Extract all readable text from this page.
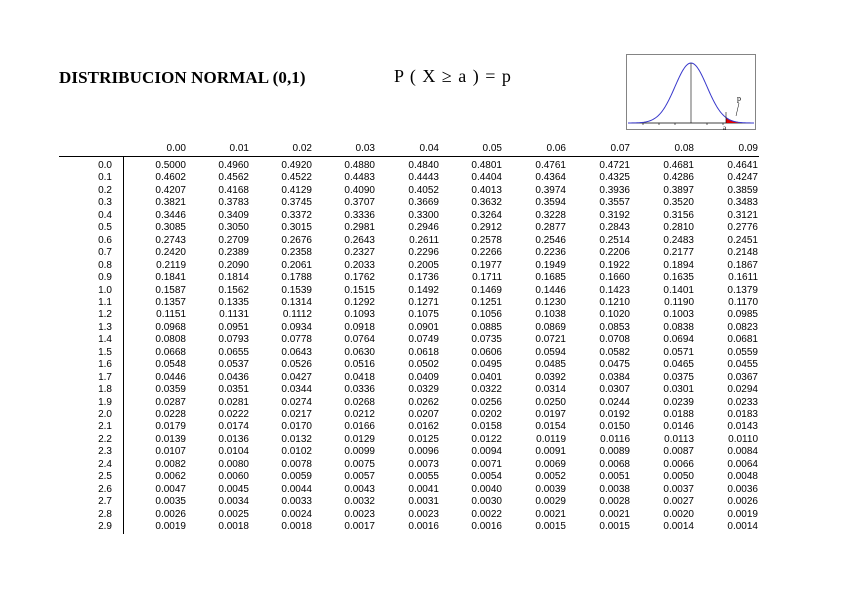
DISTRIBUCION NORMAL (0,1)	P ( X ≥ a ) = p
p
a
0.00	0.01	0.02	0.03	0.04	0.05	0.06	0.07	0.08	0.09
0.0	0.5000	0.4960	0.4920	0.4880	0.4840	0.4801	0.4761	0.4721	0.4681	0.4641
0.1	0.4602	0.4562	0.4522	0.4483	0.4443	0.4404	0.4364	0.4325	0.4286	0.4247
0.2	0.4207	0.4168	0.4129	0.4090	0.4052	0.4013	0.3974	0.3936	0.3897	0.3859
0.3	0.3821	0.3783	0.3745	0.3707	0.3669	0.3632	0.3594	0.3557	0.3520	0.3483
0.4	0.3446	0.3409	0.3372	0.3336	0.3300	0.3264	0.3228	0.3192	0.3156	0.3121
0.5	0.3085	0.3050	0.3015	0.2981	0.2946	0.2912	0.2877	0.2843	0.2810	0.2776
0.6	0.2743	0.2709	0.2676	0.2643	0.2611	0.2578	0.2546	0.2514	0.2483	0.2451
0.7	0.2420	0.2389	0.2358	0.2327	0.2296	0.2266	0.2236	0.2206	0.2177	0.2148
0.8	0.2119	0.2090	0.2061	0.2033	0.2005	0.1977	0.1949	0.1922	0.1894	0.1867
0.9	0.1841	0.1814	0.1788	0.1762	0.1736	0.1711	0.1685	0.1660	0.1635	0.1611
1.0	0.1587	0.1562	0.1539	0.1515	0.1492	0.1469	0.1446	0.1423	0.1401	0.1379
1.1	0.1357	0.1335	0.1314	0.1292	0.1271	0.1251	0.1230	0.1210	0.1190	0.1170
1.2	0.1151	0.1131	0.1112	0.1093	0.1075	0.1056	0.1038	0.1020	0.1003	0.0985
1.3	0.0968	0.0951	0.0934	0.0918	0.0901	0.0885	0.0869	0.0853	0.0838	0.0823
1.4	0.0808	0.0793	0.0778	0.0764	0.0749	0.0735	0.0721	0.0708	0.0694	0.0681
1.5	0.0668	0.0655	0.0643	0.0630	0.0618	0.0606	0.0594	0.0582	0.0571	0.0559
1.6	0.0548	0.0537	0.0526	0.0516	0.0502	0.0495	0.0485	0.0475	0.0465	0.0455
1.7	0.0446	0.0436	0.0427	0.0418	0.0409	0.0401	0.0392	0.0384	0.0375	0.0367
1.8	0.0359	0.0351	0.0344	0.0336	0.0329	0.0322	0.0314	0.0307	0.0301	0.0294
1.9	0.0287	0.0281	0.0274	0.0268	0.0262	0.0256	0.0250	0.0244	0.0239	0.0233
2.0	0.0228	0.0222	0.0217	0.0212	0.0207	0.0202	0.0197	0.0192	0.0188	0.0183
2.1	0.0179	0.0174	0.0170	0.0166	0.0162	0.0158	0.0154	0.0150	0.0146	0.0143
2.2	0.0139	0.0136	0.0132	0.0129	0.0125	0.0122	0.0119	0.0116	0.0113	0.0110
2.3	0.0107	0.0104	0.0102	0.0099	0.0096	0.0094	0.0091	0.0089	0.0087	0.0084
2.4	0.0082	0.0080	0.0078	0.0075	0.0073	0.0071	0.0069	0.0068	0.0066	0.0064
2.5	0.0062	0.0060	0.0059	0.0057	0.0055	0.0054	0.0052	0.0051	0.0050	0.0048
2.6	0.0047	0.0045	0.0044	0.0043	0.0041	0.0040	0.0039	0.0038	0.0037	0.0036
2.7	0.0035	0.0034	0.0033	0.0032	0.0031	0.0030	0.0029	0.0028	0.0027	0.0026
2.8	0.0026	0.0025	0.0024	0.0023	0.0023	0.0022	0.0021	0.0021	0.0020	0.0019
2.9	0.0019	0.0018	0.0018	0.0017	0.0016	0.0016	0.0015	0.0015	0.0014	0.0014
